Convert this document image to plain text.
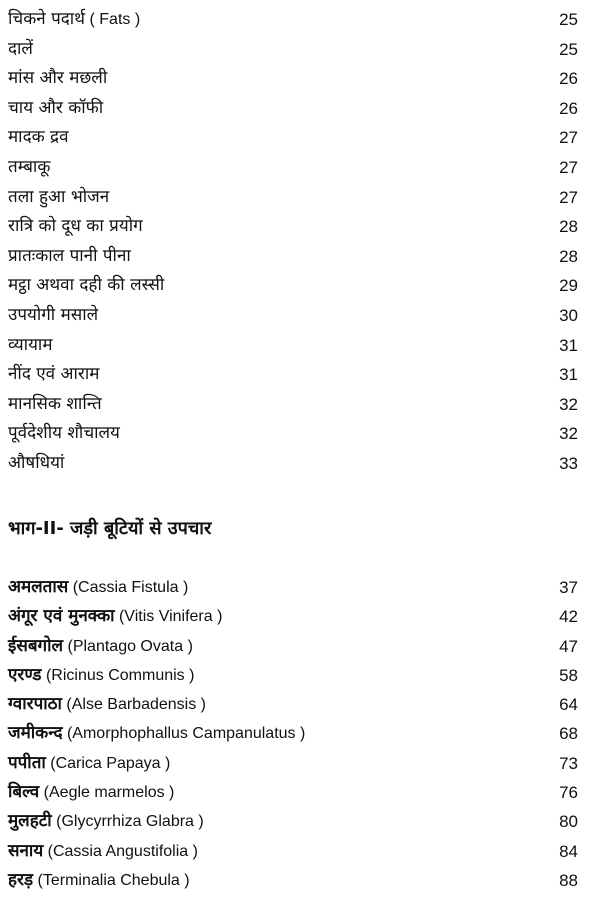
चिकने पदार्थ ( Fats )	25
दालें	25
मांस और मछली	26
चाय और कॉफी	26
मादक द्रव	27
तम्बाकू	27
तला हुआ भोजन	27
रात्रि को दूध का प्रयोग	28
प्रातःकाल पानी पीना	28
मट्ठा अथवा दही की लस्सी	29
उपयोगी मसाले	30
व्यायाम	31
नींद एवं आराम	31
मानसिक शान्ति	32
पूर्वदेशीय शौचालय	32
औषधियां	33
भाग-II- जड़ी बूटियों से उपचार
अमलतास (Cassia Fistula )	37
अंगूर एवं मुनक्का (Vitis Vinifera )	42
ईसबगोल (Plantago Ovata )	47
एरण्ड (Ricinus Communis )	58
ग्वारपाठा (Alse Barbadensis )	64
जमीकन्द (Amorphophallus Campanulatus )	68
पपीता (Carica Papaya )	73
बिल्व (Aegle marmelos )	76
मुलहटी (Glycyrrhiza Glabra )	80
सनाय (Cassia Angustifolia )	84
हरड़ (Terminalia Chebula )	88
